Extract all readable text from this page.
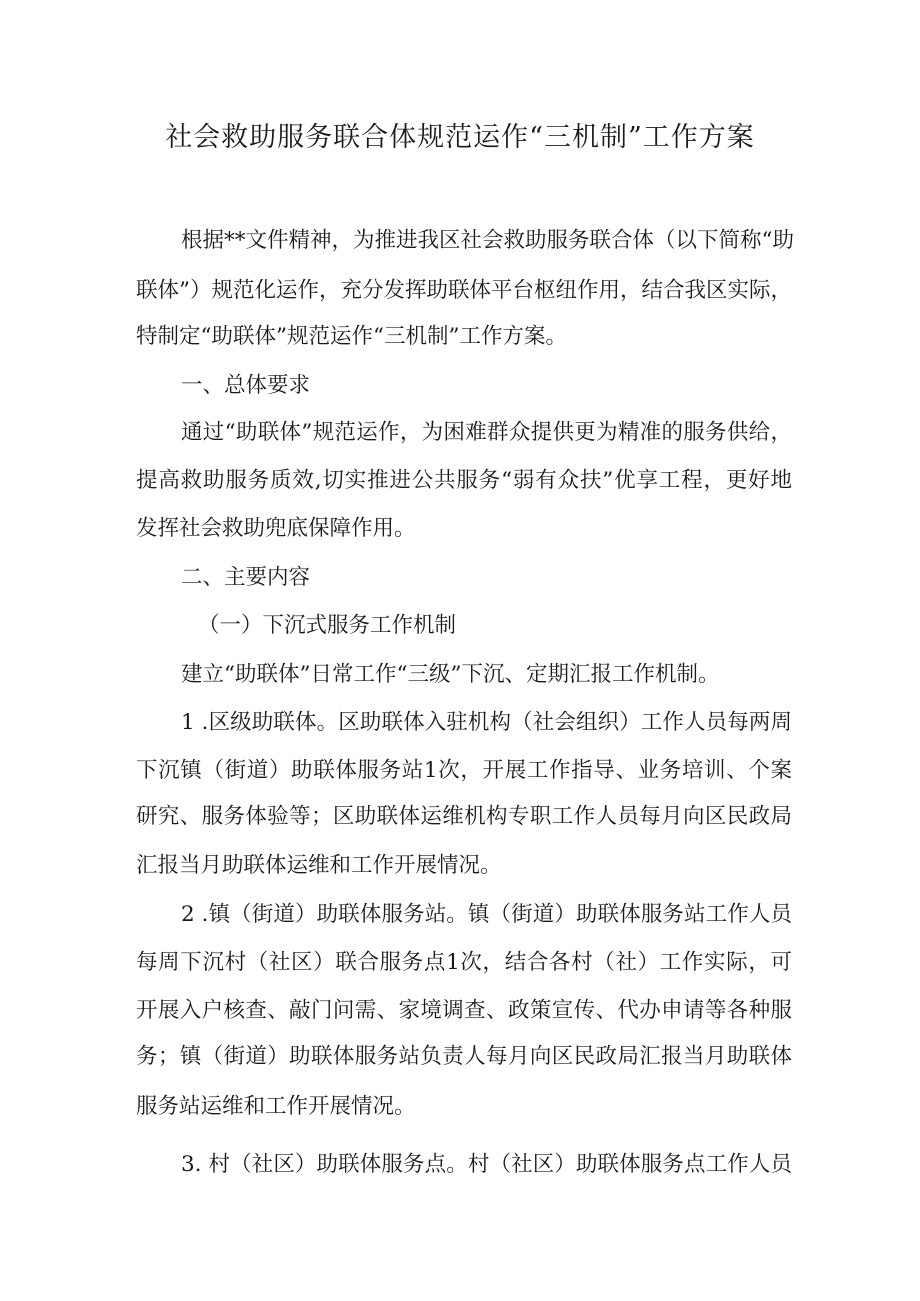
社会救助服务联合体规范运作“三机制”工作方案

根据**文件精神，为推进我区社会救助服务联合体（以下简称“助

联体”）规范化运作，充分发挥助联体平台枢纽作用，结合我区实际，

特制定“助联体”规范运作“三机制”工作方案。

一、总体要求

通过“助联体”规范运作，为困难群众提供更为精准的服务供给，

提高救助服务质效,切实推进公共服务“弱有众扶”优享工程，更好地

发挥社会救助兜底保障作用。

二、主要内容

（一）下沉式服务工作机制

建立“助联体”日常工作“三级”下沉、定期汇报工作机制。

1 .区级助联体。区助联体入驻机构（社会组织）工作人员每两周

下沉镇（街道）助联体服务站1次，开展工作指导、业务培训、个案

研究、服务体验等；区助联体运维机构专职工作人员每月向区民政局

汇报当月助联体运维和工作开展情况。

2 .镇（街道）助联体服务站。镇（街道）助联体服务站工作人员

每周下沉村（社区）联合服务点1次，结合各村（社）工作实际，可

开展入户核查、敲门问需、家境调查、政策宣传、代办申请等各种服

务；镇（街道）助联体服务站负责人每月向区民政局汇报当月助联体

服务站运维和工作开展情况。

3. 村（社区）助联体服务点。村（社区）助联体服务点工作人员
